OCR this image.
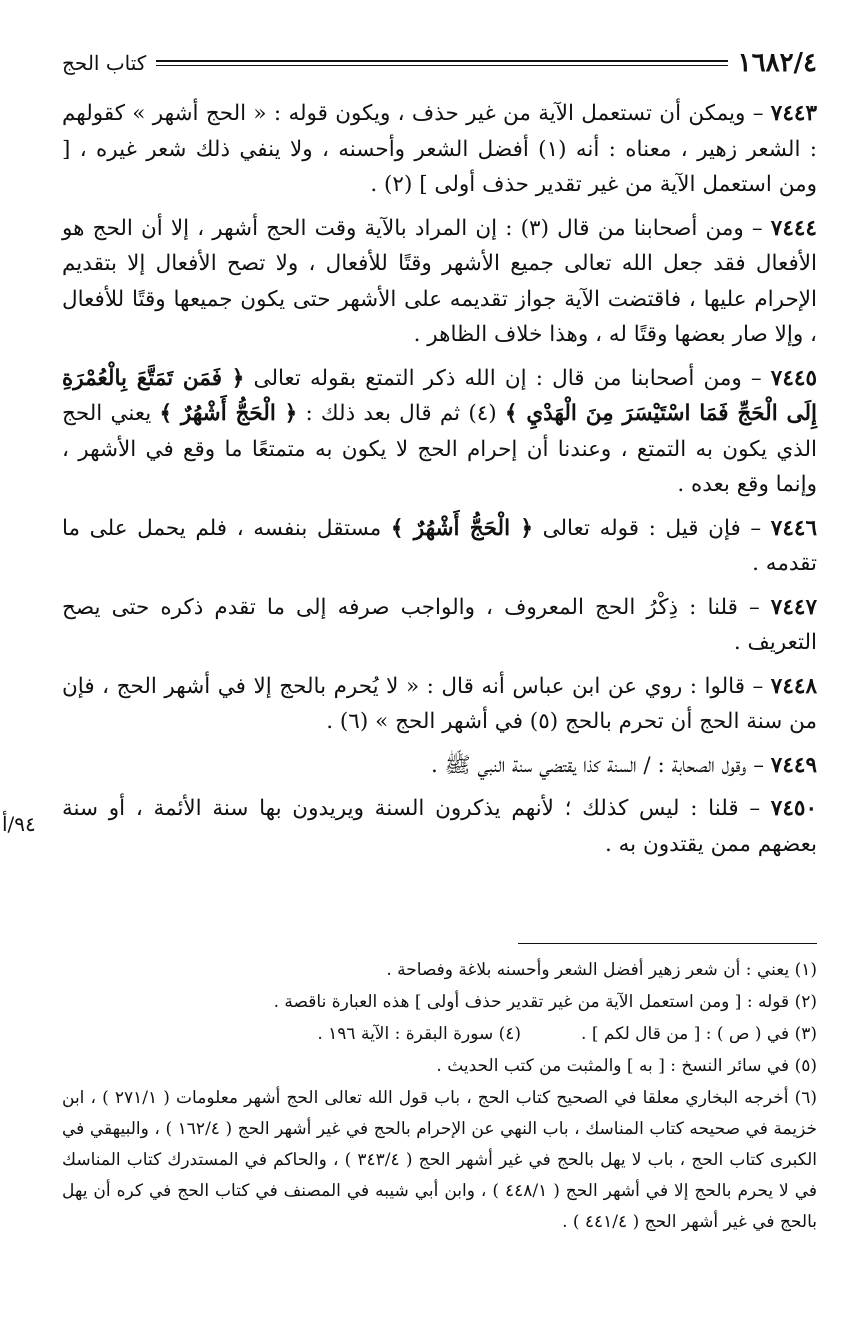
١٦٨٢/٤
كتاب الحج
٩٤/أ

٧٤٤٣ – ويمكن أن تستعمل الآية من غير حذف ، ويكون قوله : « الحج أشهر » كقولهم : الشعر زهير ، معناه : أنه (١) أفضل الشعر وأحسنه ، ولا ينفي ذلك شعر غيره ، [ ومن استعمل الآية من غير تقدير حذف أولى ] (٢) .

٧٤٤٤ – ومن أصحابنا من قال (٣) : إن المراد بالآية وقت الحج أشهر ، إلا أن الحج هو الأفعال فقد جعل الله تعالى جميع الأشهر وقتًا للأفعال ، ولا تصح الأفعال إلا بتقديم الإحرام عليها ، فاقتضت الآية جواز تقديمه على الأشهر حتى يكون جميعها وقتًا للأفعال ، وإلا صار بعضها وقتًا له ، وهذا خلاف الظاهر .

٧٤٤٥ – ومن أصحابنا من قال : إن الله ذكر التمتع بقوله تعالى ﴿ فَمَن تَمَتَّعَ بِالْعُمْرَةِ إِلَى الْحَجِّ فَمَا اسْتَيْسَرَ مِنَ الْهَدْيِ ﴾ (٤) ثم قال بعد ذلك : ﴿ الْحَجُّ أَشْهُرٌ ﴾ يعني الحج الذي يكون به التمتع ، وعندنا أن إحرام الحج لا يكون به متمتعًا ما وقع في الأشهر ، وإنما وقع بعده .

٧٤٤٦ – فإن قيل : قوله تعالى ﴿ الْحَجُّ أَشْهُرٌ ﴾ مستقل بنفسه ، فلم يحمل على ما تقدمه .

٧٤٤٧ – قلنا : ذِكْرُ الحج المعروف ، والواجب صرفه إلى ما تقدم ذكره حتى يصح التعريف .

٧٤٤٨ – قالوا : روي عن ابن عباس أنه قال : « لا يُحرم بالحج إلا في أشهر الحج ، فإن من سنة الحج أن تحرم بالحج (٥) في أشهر الحج » (٦) .

٧٤٤٩ – وقول الصحابة : / السنة كذا يقتضي سنة النبي ﷺ .

٧٤٥٠ – قلنا : ليس كذلك ؛ لأنهم يذكرون السنة ويريدون بها سنة الأئمة ، أو سنة بعضهم ممن يقتدون به .

(١) يعني : أن شعر زهير أفضل الشعر وأحسنه بلاغة وفصاحة .

(٢) قوله : [ ومن استعمل الآية من غير تقدير حذف أولى ] هذه العبارة ناقصة .

(٣) في ( ص ) : [ من قال لكم ] .

(٤) سورة البقرة : الآية ١٩٦ .

(٥) في سائر النسخ : [ به ] والمثبت من كتب الحديث .

(٦) أخرجه البخاري معلقا في الصحيح كتاب الحج ، باب قول الله تعالى الحج أشهر معلومات ( ٢٧١/١ ) ، ابن خزيمة في صحيحه كتاب المناسك ، باب النهي عن الإحرام بالحج في غير أشهر الحج ( ١٦٢/٤ ) ، والبيهقي في الكبرى كتاب الحج ، باب لا يهل بالحج في غير أشهر الحج ( ٣٤٣/٤ ) ، والحاكم في المستدرك كتاب المناسك في لا يحرم بالحج إلا في أشهر الحج ( ٤٤٨/١ ) ، وابن أبي شيبه في المصنف في كتاب الحج في كره أن يهل بالحج في غير أشهر الحج ( ٤٤١/٤ ) .
